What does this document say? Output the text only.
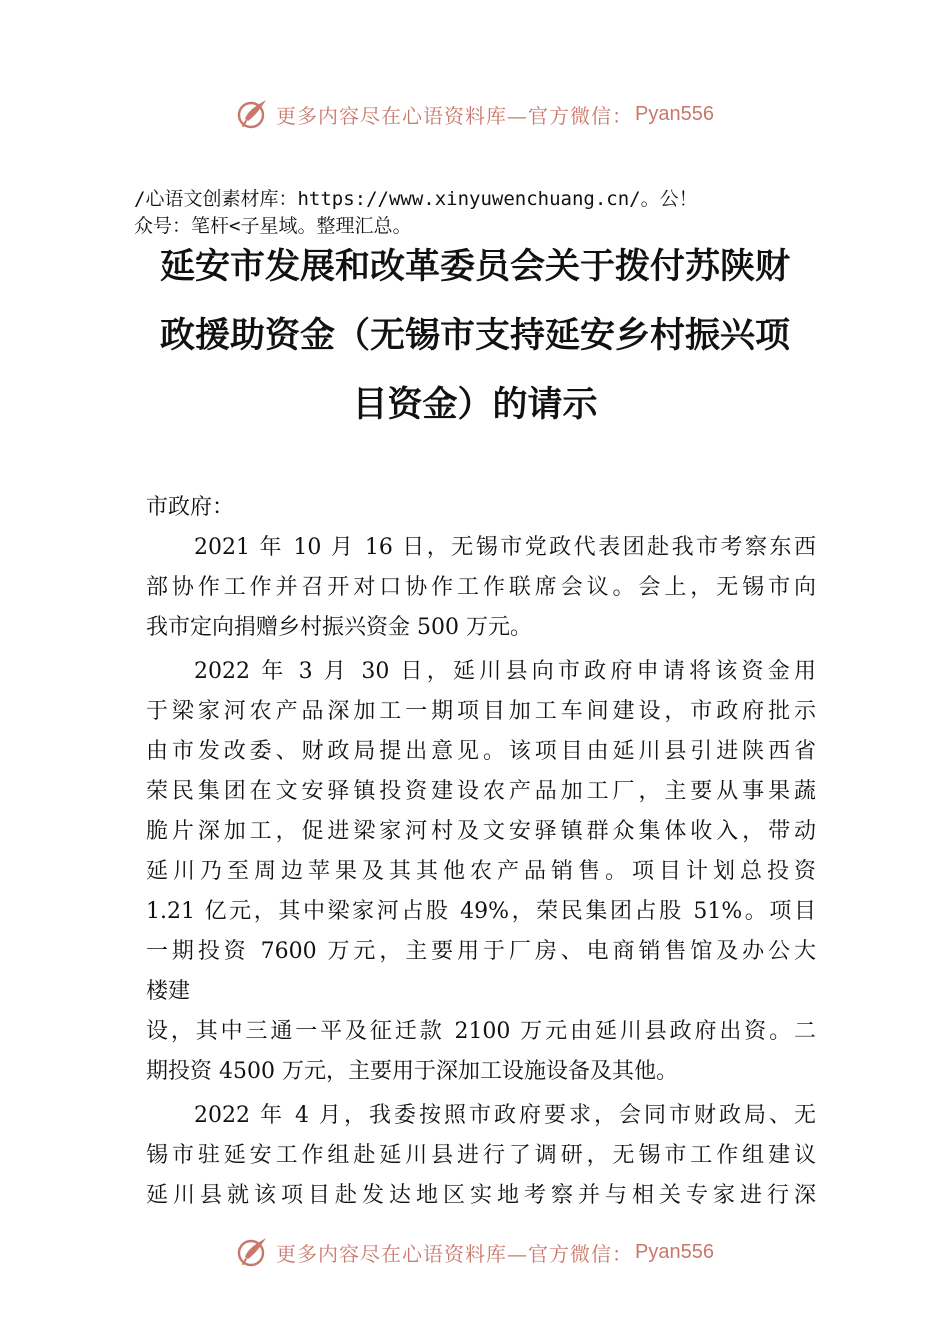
更多内容尽在心语资料库—官方微信： Pyan556
/心语文创素材库：https://www.xinyuwenchuang.cn/。公！
众号：笔杆<子星域。整理汇总。
延安市发展和改革委员会关于拨付苏陕财
政援助资金（无锡市支持延安乡村振兴项
目资金）的请示
市政府：
2021 年 10 月 16 日，无锡市党政代表团赴我市考察东西
部协作工作并召开对口协作工作联席会议。会上，无锡市向
我市定向捐赠乡村振兴资金 500 万元。
2022 年 3 月 30 日，延川县向市政府申请将该资金用
于梁家河农产品深加工一期项目加工车间建设，市政府批示
由市发改委、财政局提出意见。该项目由延川县引进陕西省
荣民集团在文安驿镇投资建设农产品加工厂，主要从事果蔬
脆片深加工，促进梁家河村及文安驿镇群众集体收入，带动
延川乃至周边苹果及其其他农产品销售。项目计划总投资
1.21 亿元，其中梁家河占股 49%，荣民集团占股 51%。项目
一期投资 7600 万元，主要用于厂房、电商销售馆及办公大
楼建
设，其中三通一平及征迁款 2100 万元由延川县政府出资。二
期投资 4500 万元，主要用于深加工设施设备及其他。
2022 年 4 月，我委按照市政府要求，会同市财政局、无
锡市驻延安工作组赴延川县进行了调研，无锡市工作组建议
延川县就该项目赴发达地区实地考察并与相关专家进行深
更多内容尽在心语资料库—官方微信： Pyan556
